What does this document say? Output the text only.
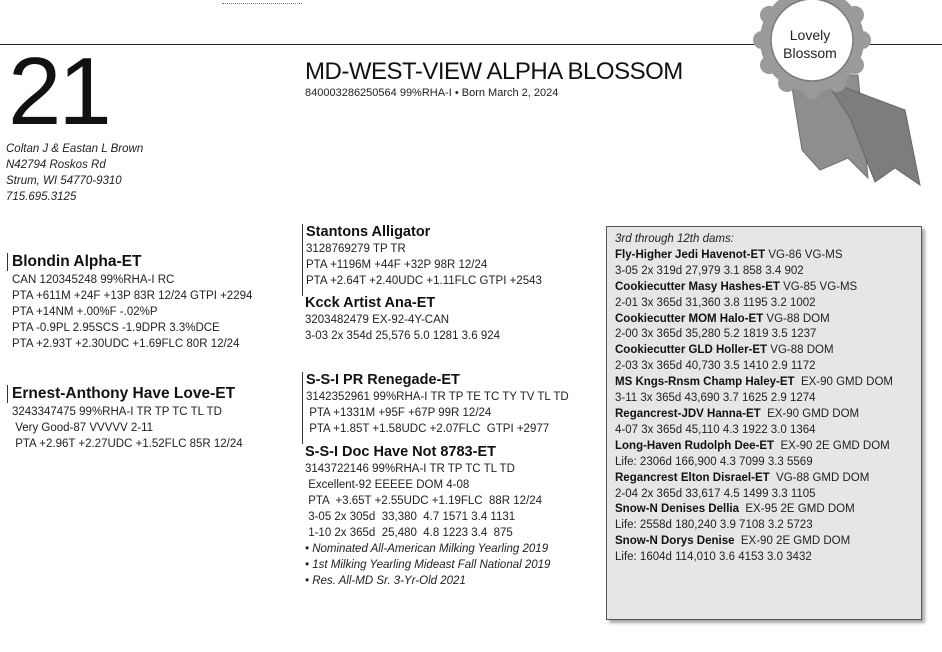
Lovely
Blossom
21
Coltan J & Eastan L Brown
N42794 Roskos Rd
Strum, WI 54770-9310
715.695.3125
MD-WEST-VIEW ALPHA BLOSSOM
840003286250564 99%RHA-I • Born March 2, 2024
Blondin Alpha-ET
CAN 120345248 99%RHA-I RC
PTA +611M +24F +13P 83R 12/24 GTPI +2294
PTA +14NM +.00%F -.02%P
PTA -0.9PL 2.95SCS -1.9DPR 3.3%DCE
PTA +2.93T +2.30UDC +1.69FLC 80R 12/24
Ernest-Anthony Have Love-ET
3243347475 99%RHA-I TR TP TC TL TD
Very Good-87 VVVVV 2-11
PTA +2.96T +2.27UDC +1.52FLC 85R 12/24
Stantons Alligator
3128769279 TP TR
PTA +1196M +44F +32P 98R 12/24
PTA +2.64T +2.40UDC +1.11FLC GTPI +2543
Kcck Artist Ana-ET
3203482479 EX-92-4Y-CAN
3-03 2x 354d 25,576 5.0 1281 3.6 924
S-S-I PR Renegade-ET
3142352961 99%RHA-I TR TP TE TC TY TV TL TD
PTA +1331M +95F +67P 99R 12/24
PTA +1.85T +1.58UDC +2.07FLC  GTPI +2977
S-S-I Doc Have Not 8783-ET
3143722146 99%RHA-I TR TP TC TL TD
Excellent-92 EEEEE DOM 4-08
PTA  +3.65T +2.55UDC +1.19FLC  88R 12/24
3-05 2x 305d  33,380  4.7 1571 3.4 1131
1-10 2x 365d  25,480  4.8 1223 3.4  875
• Nominated All-American Milking Yearling 2019
• 1st Milking Yearling Mideast Fall National 2019
• Res. All-MD Sr. 3-Yr-Old 2021
3rd through 12th dams:
Fly-Higher Jedi Havenot-ET VG-86 VG-MS
3-05 2x 319d 27,979 3.1 858 3.4 902
Cookiecutter Masy Hashes-ET VG-85 VG-MS
2-01 3x 365d 31,360 3.8 1195 3.2 1002
Cookiecutter MOM Halo-ET VG-88 DOM
2-00 3x 365d 35,280 5.2 1819 3.5 1237
Cookiecutter GLD Holler-ET VG-88 DOM
2-03 3x 365d 40,730 3.5 1410 2.9 1172
MS Kngs-Rnsm Champ Haley-ET  EX-90 GMD DOM
3-11 3x 365d 43,690 3.7 1625 2.9 1274
Regancrest-JDV Hanna-ET  EX-90 GMD DOM
4-07 3x 365d 45,110 4.3 1922 3.0 1364
Long-Haven Rudolph Dee-ET  EX-90 2E GMD DOM
Life: 2306d 166,900 4.3 7099 3.3 5569
Regancrest Elton Disrael-ET  VG-88 GMD DOM
2-04 2x 365d 33,617 4.5 1499 3.3 1105
Snow-N Denises Dellia  EX-95 2E GMD DOM
Life: 2558d 180,240 3.9 7108 3.2 5723
Snow-N Dorys Denise  EX-90 2E GMD DOM
Life: 1604d 114,010 3.6 4153 3.0 3432
